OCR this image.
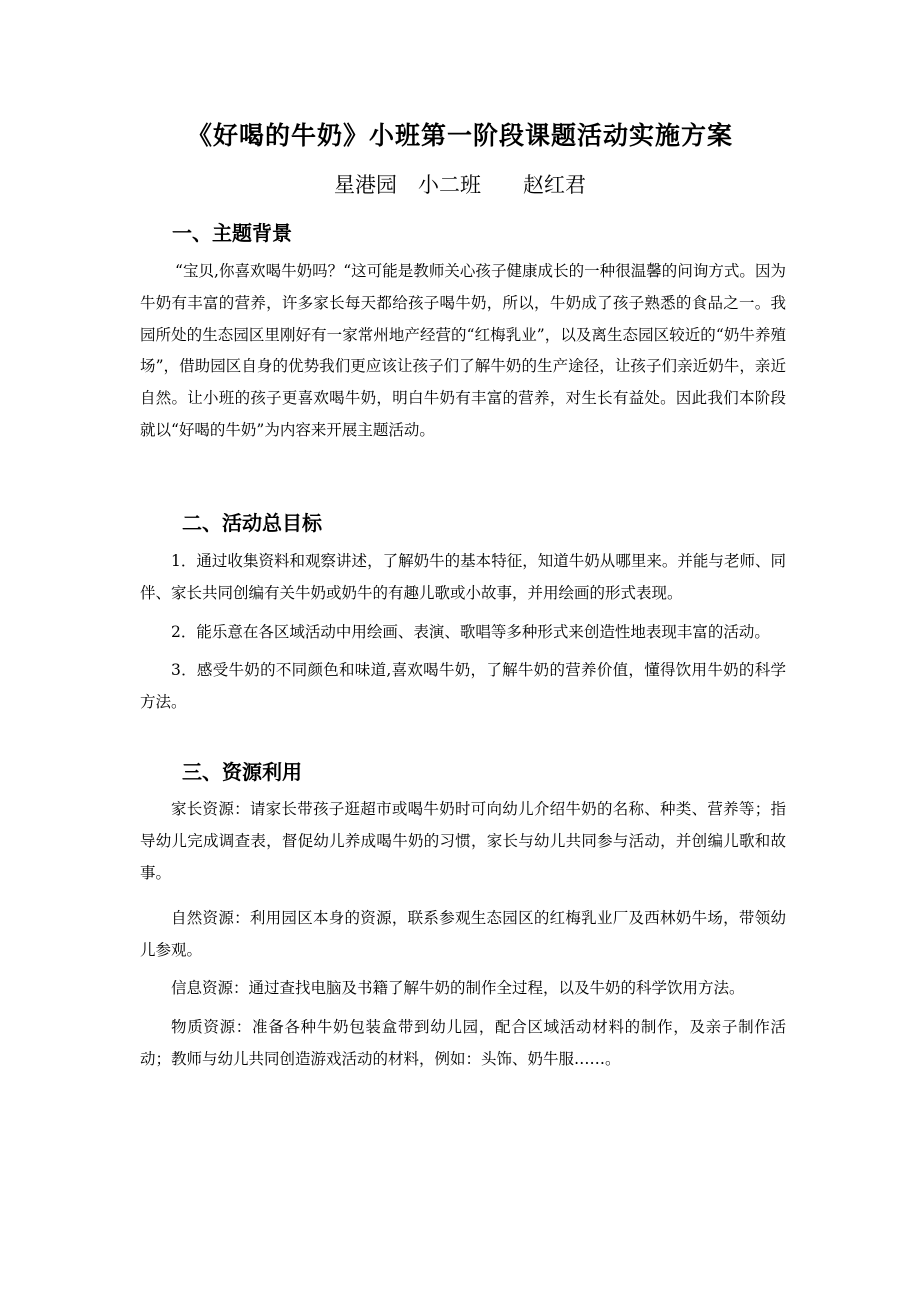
《好喝的牛奶》小班第一阶段课题活动实施方案
星港园　小二班　　赵红君
一、主题背景

“宝贝,你喜欢喝牛奶吗？“这可能是教师关心孩子健康成长的一种很温馨的问询方式。因为牛奶有丰富的营养，许多家长每天都给孩子喝牛奶，所以，牛奶成了孩子熟悉的食品之一。我园所处的生态园区里刚好有一家常州地产经营的“红梅乳业”，以及离生态园区较近的“奶牛养殖场”，借助园区自身的优势我们更应该让孩子们了解牛奶的生产途径，让孩子们亲近奶牛，亲近自然。让小班的孩子更喜欢喝牛奶，明白牛奶有丰富的营养，对生长有益处。因此我们本阶段就以“好喝的牛奶”为内容来开展主题活动。

二、活动总目标

1．通过收集资料和观察讲述，了解奶牛的基本特征，知道牛奶从哪里来。并能与老师、同伴、家长共同创编有关牛奶或奶牛的有趣儿歌或小故事，并用绘画的形式表现。

2．能乐意在各区域活动中用绘画、表演、歌唱等多种形式来创造性地表现丰富的活动。

3．感受牛奶的不同颜色和味道,喜欢喝牛奶，了解牛奶的营养价值，懂得饮用牛奶的科学方法。

三、资源利用

家长资源：请家长带孩子逛超市或喝牛奶时可向幼儿介绍牛奶的名称、种类、营养等；指导幼儿完成调查表，督促幼儿养成喝牛奶的习惯，家长与幼儿共同参与活动，并创编儿歌和故事。

自然资源：利用园区本身的资源，联系参观生态园区的红梅乳业厂及西林奶牛场，带领幼儿参观。

信息资源：通过查找电脑及书籍了解牛奶的制作全过程，以及牛奶的科学饮用方法。

物质资源：准备各种牛奶包装盒带到幼儿园，配合区域活动材料的制作，及亲子制作活动；教师与幼儿共同创造游戏活动的材料，例如：头饰、奶牛服……。
